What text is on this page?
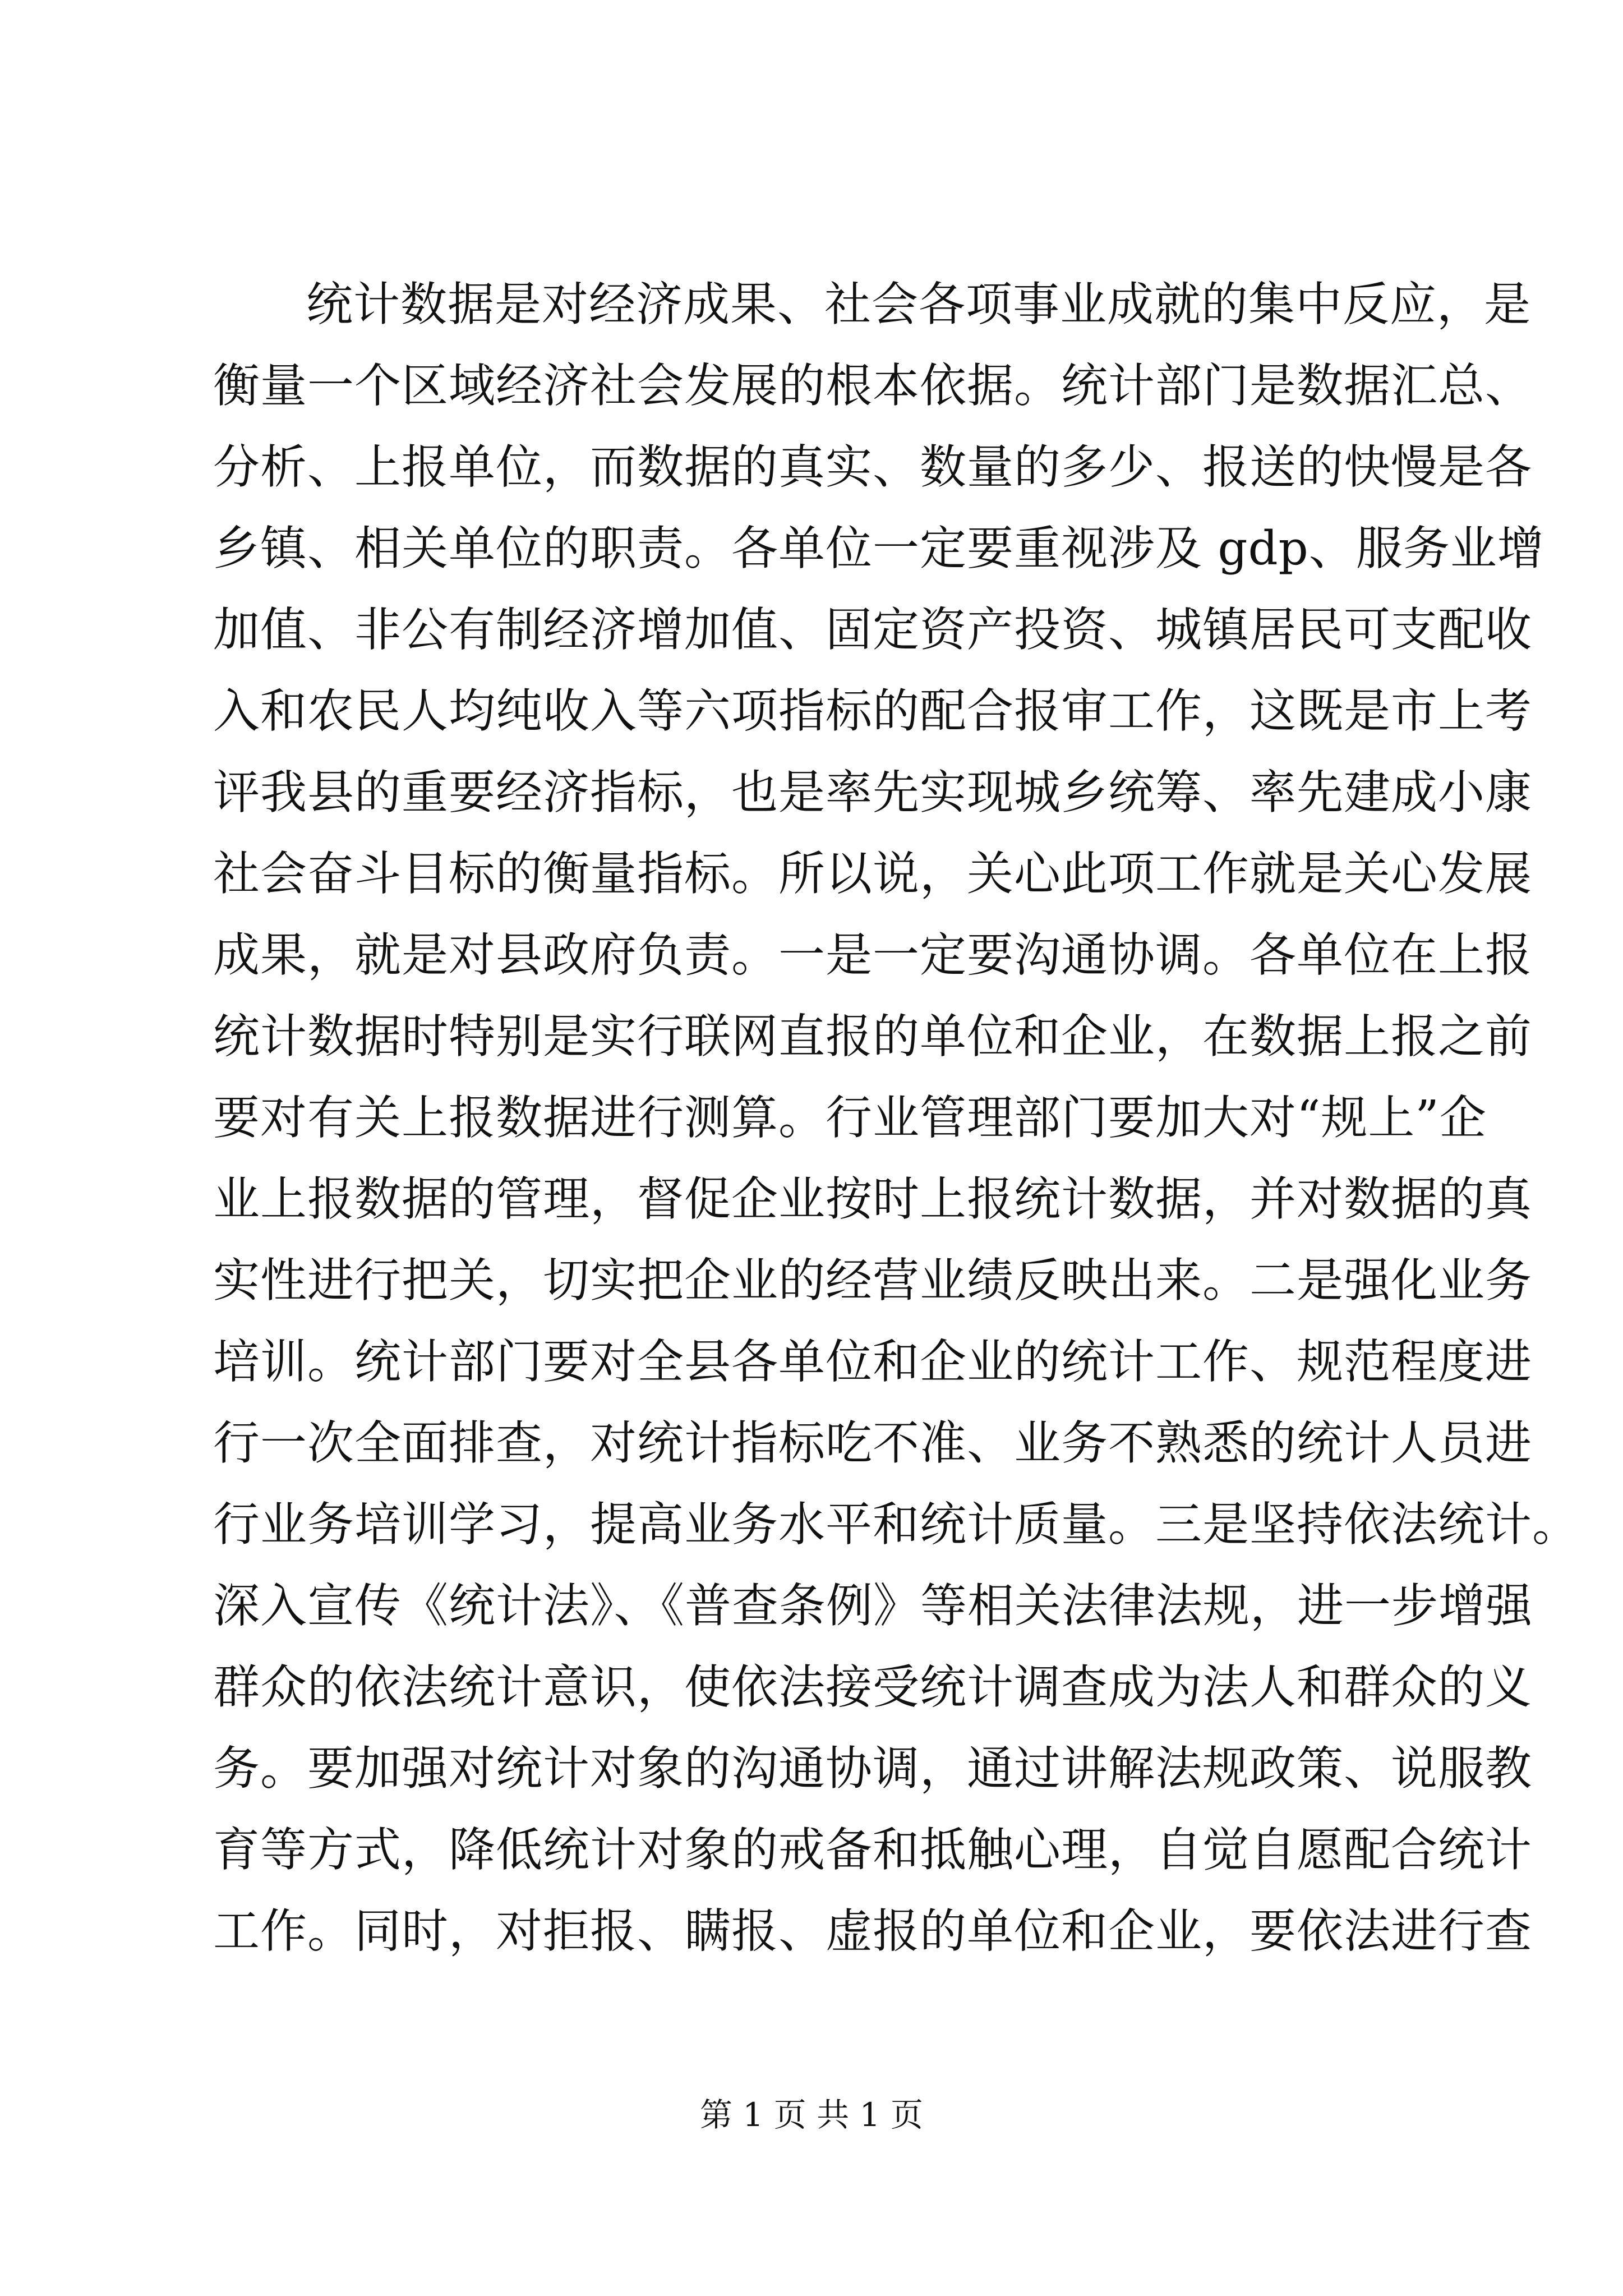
统计数据是对经济成果、社会各项事业成就的集中反应，是
衡量一个区域经济社会发展的根本依据。统计部门是数据汇总、
分析、上报单位，而数据的真实、数量的多少、报送的快慢是各
乡镇、相关单位的职责。各单位一定要重视涉及 gdp、服务业增
加值、非公有制经济增加值、固定资产投资、城镇居民可支配收
入和农民人均纯收入等六项指标的配合报审工作，这既是市上考
评我县的重要经济指标，也是率先实现城乡统筹、率先建成小康
社会奋斗目标的衡量指标。所以说，关心此项工作就是关心发展
成果，就是对县政府负责。一是一定要沟通协调。各单位在上报
统计数据时特别是实行联网直报的单位和企业，在数据上报之前
要对有关上报数据进行测算。行业管理部门要加大对“规上”企
业上报数据的管理，督促企业按时上报统计数据，并对数据的真
实性进行把关，切实把企业的经营业绩反映出来。二是强化业务
培训。统计部门要对全县各单位和企业的统计工作、规范程度进
行一次全面排查，对统计指标吃不准、业务不熟悉的统计人员进
行业务培训学习，提高业务水平和统计质量。三是坚持依法统计。
深入宣传《统计法》、《普查条例》等相关法律法规，进一步增强
群众的依法统计意识，使依法接受统计调查成为法人和群众的义
务。要加强对统计对象的沟通协调，通过讲解法规政策、说服教
育等方式，降低统计对象的戒备和抵触心理，自觉自愿配合统计
工作。同时，对拒报、瞒报、虚报的单位和企业，要依法进行查
第 1 页 共 1 页
